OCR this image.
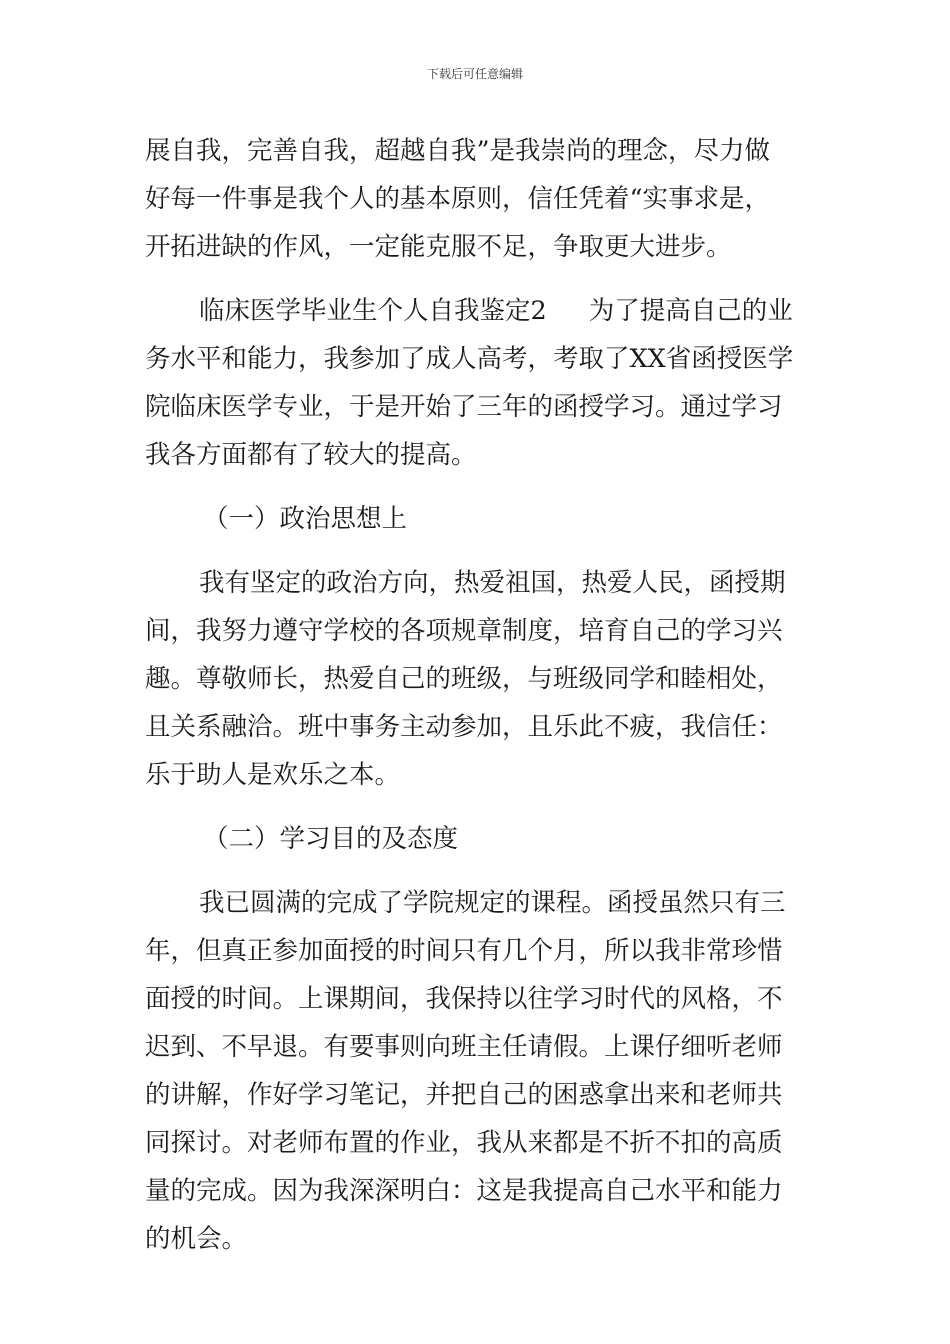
下载后可任意编辑
展自我，完善自我，超越自我”是我崇尚的理念，尽力做
好每一件事是我个人的基本原则，信任凭着“实事求是，
开拓进缺的作风，一定能克服不足，争取更大进步。
临床医学毕业生个人自我鉴定2 为了提高自己的业
务水平和能力，我参加了成人高考，考取了XX省函授医学
院临床医学专业，于是开始了三年的函授学习。通过学习
我各方面都有了较大的提高。
（一）政治思想上
我有坚定的政治方向，热爱祖国，热爱人民，函授期
间，我努力遵守学校的各项规章制度，培育自己的学习兴
趣。尊敬师长，热爱自己的班级，与班级同学和睦相处，
且关系融洽。班中事务主动参加，且乐此不疲，我信任：
乐于助人是欢乐之本。
（二）学习目的及态度
我已圆满的完成了学院规定的课程。函授虽然只有三
年，但真正参加面授的时间只有几个月，所以我非常珍惜
面授的时间。上课期间，我保持以往学习时代的风格，不
迟到、不早退。有要事则向班主任请假。上课仔细听老师
的讲解，作好学习笔记，并把自己的困惑拿出来和老师共
同探讨。对老师布置的作业，我从来都是不折不扣的高质
量的完成。因为我深深明白：这是我提高自己水平和能力
的机会。
